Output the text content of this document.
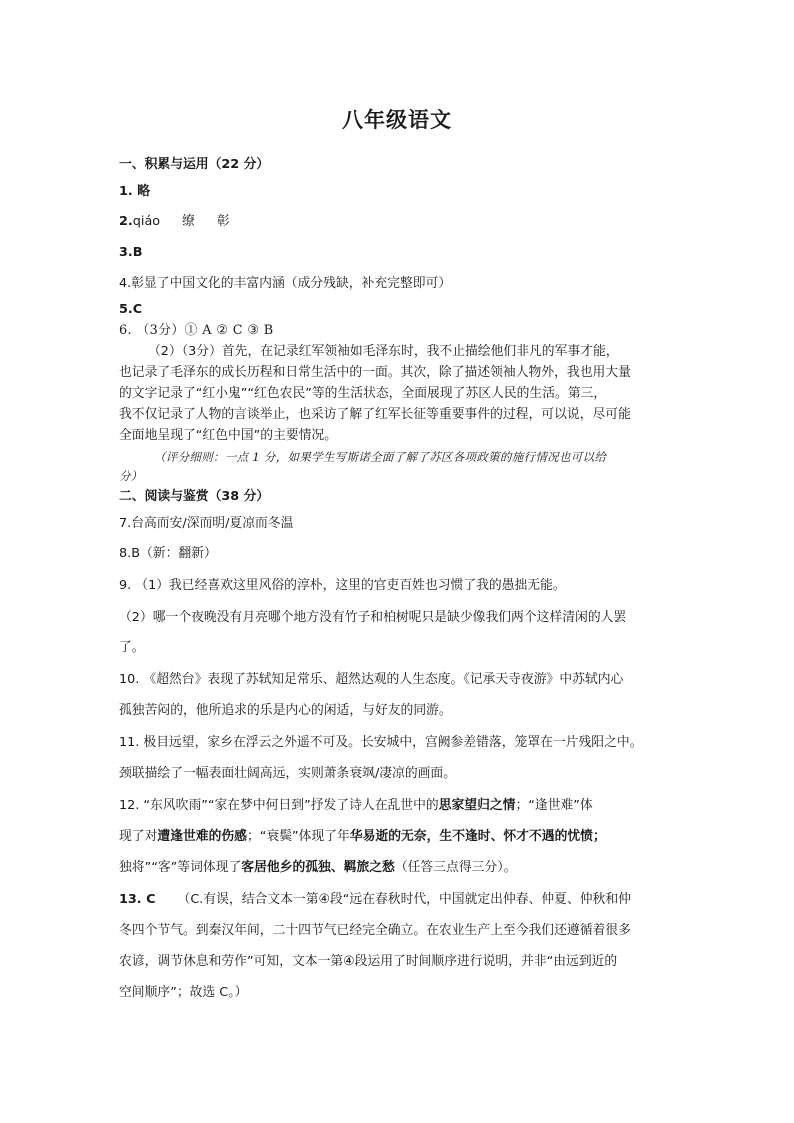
八年级语文
一、积累与运用（22 分）
1. 略
2.qiáo 缭 彰
3.B
4.彰显了中国文化的丰富内涵（成分残缺，补充完整即可）
5.C
6. （3分）① A ② C ③ B
（2）（3分）首先，在记录红军领袖如毛泽东时，我不止描绘他们非凡的军事才能，
也记录了毛泽东的成长历程和日常生活中的一面。其次，除了描述领袖人物外，我也用大量
的文字记录了“红小鬼”“红色农民”等的生活状态，全面展现了苏区人民的生活。第三，
我不仅记录了人物的言谈举止，也采访了解了红军长征等重要事件的过程，可以说，尽可能
全面地呈现了“红色中国”的主要情况。
（评分细则：一点 1 分，如果学生写斯诺全面了解了苏区各项政策的施行情况也可以给
分）
二、阅读与鉴赏（38 分）
7.台高而安/深而明/夏凉而冬温
8.B（新：翻新）
9. （1）我已经喜欢这里风俗的淳朴，这里的官吏百姓也习惯了我的愚拙无能。
（2）哪一个夜晚没有月亮哪个地方没有竹子和柏树呢只是缺少像我们两个这样清闲的人罢
了。
10. 《超然台》表现了苏轼知足常乐、超然达观的人生态度。《记承天寺夜游》中苏轼内心
孤独苦闷的，他所追求的乐是内心的闲适，与好友的同游。
11. 极目远望，家乡在浮云之外遥不可及。长安城中，宫阙参差错落，笼罩在一片残阳之中。
颈联描绘了一幅表面壮阔高远，实则萧条衰飒/凄凉的画面。
12. “东风吹雨”“家在梦中何日到”抒发了诗人在乱世中的思家望归之情；“逢世难”体
现了对遭逢世难的伤感；“衰鬓”体现了年华易逝的无奈，生不逢时、怀才不遇的忧愤；
独将”“客”等词体现了客居他乡的孤独、羁旅之愁（任答三点得三分）。
13. C （C.有误，结合文本一第④段“远在春秋时代，中国就定出仲春、仲夏、仲秋和仲
冬四个节气。到秦汉年间，二十四节气已经完全确立。在农业生产上至今我们还遵循着很多
农谚，调节休息和劳作”可知，文本一第④段运用了时间顺序进行说明，并非“由远到近的
空间顺序”；故选 C。）
